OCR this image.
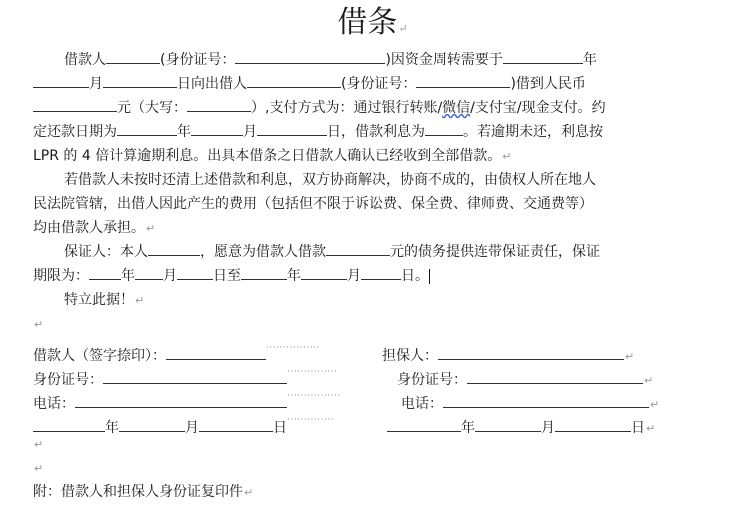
借条↵
借款人	(身份证号：	)因资金周转需要于	年
月	日向出借人	(身份证号：	)借到人民币
元（大写：	）,支付方式为：通过银行转账/微信/支付宝/现金支付。约
定还款日期为	年	月	日，借款利息为	。若逾期未还，利息按
LPR 的 4 倍计算逾期利息。出具本借条之日借款人确认已经收到全部借款。↵
若借款人未按时还清上述借款和利息，双方协商解决，协商不成的，由债权人所在地人
民法院管辖，出借人因此产生的费用（包括但不限于诉讼费、保全费、律师费、交通费等）
均由借款人承担。↵
保证人：本人	，愿意为借款人借款	元的债务提供连带保证责任，保证
期限为： 年 月	日至	年	月	日。
特立此据！↵
↵
借款人（签字捺印）：	················	担保人：	↵
身份证号：	···············	身份证号：	↵
电话：	················	电话：	↵
年	月	日··············	年	月	日↵
↵
↵
附：借款人和担保人身份证复印件↵
